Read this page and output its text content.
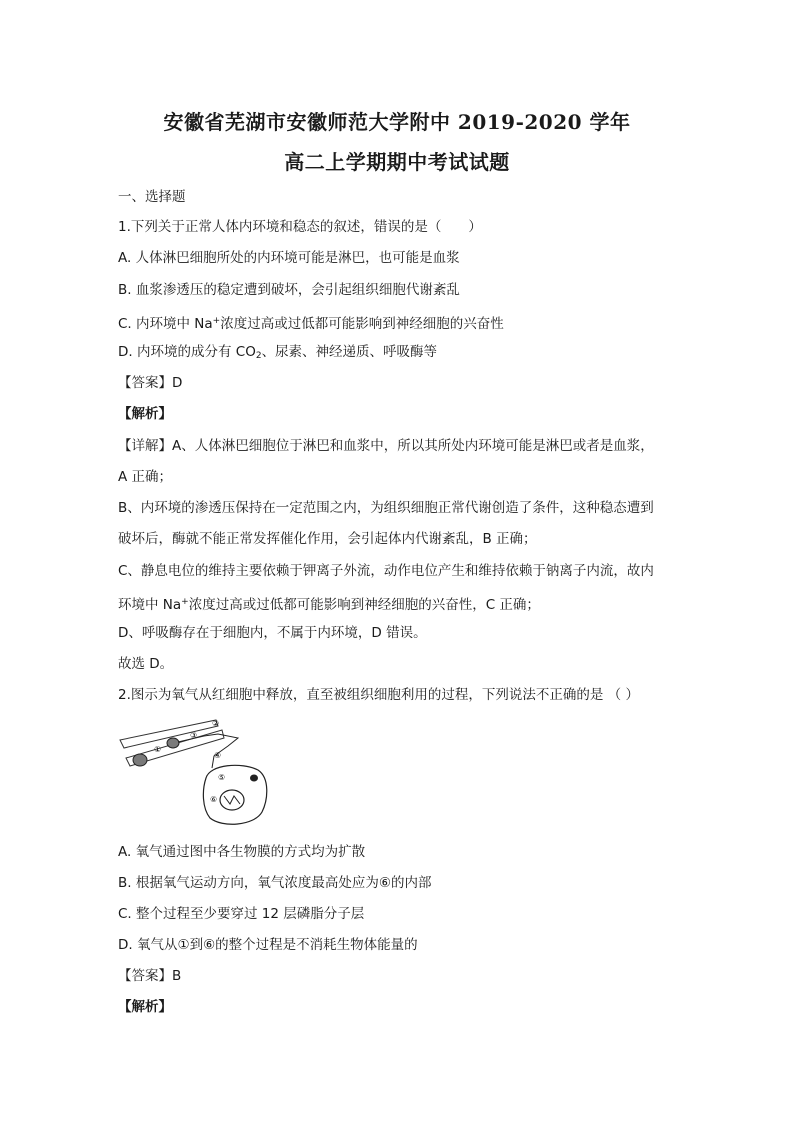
安徽省芜湖市安徽师范大学附中 2019-2020 学年
高二上学期期中考试试题
一、选择题
1.下列关于正常人体内环境和稳态的叙述，错误的是（　　）
A. 人体淋巴细胞所处的内环境可能是淋巴，也可能是血浆
B. 血浆渗透压的稳定遭到破坏，会引起组织细胞代谢紊乱
C. 内环境中 Na+浓度过高或过低都可能影响到神经细胞的兴奋性
D. 内环境的成分有 $CO_2$、尿素、神经递质、呼吸酶等
【答案】D
【解析】
【详解】A、人体淋巴细胞位于淋巴和血浆中，所以其所处内环境可能是淋巴或者是血浆，
A 正确；
B、内环境的渗透压保持在一定范围之内，为组织细胞正常代谢创造了条件，这种稳态遭到
破坏后，酶就不能正常发挥催化作用，会引起体内代谢紊乱，B 正确；
C、静息电位的维持主要依赖于钾离子外流，动作电位产生和维持依赖于钠离子内流，故内
环境中 Na+浓度过高或过低都可能影响到神经细胞的兴奋性，C 正确；
D、呼吸酶存在于细胞内，不属于内环境，D 错误。
故选 D。
2.图示为氧气从红细胞中释放，直至被组织细胞利用的过程，下列说法不正确的是 （ ）
①
②
③
④
⑤
⑥
A. 氧气通过图中各生物膜的方式均为扩散
B. 根据氧气运动方向，氧气浓度最高处应为⑥的内部
C. 整个过程至少要穿过 12 层磷脂分子层
D. 氧气从①到⑥的整个过程是不消耗生物体能量的
【答案】B
【解析】
